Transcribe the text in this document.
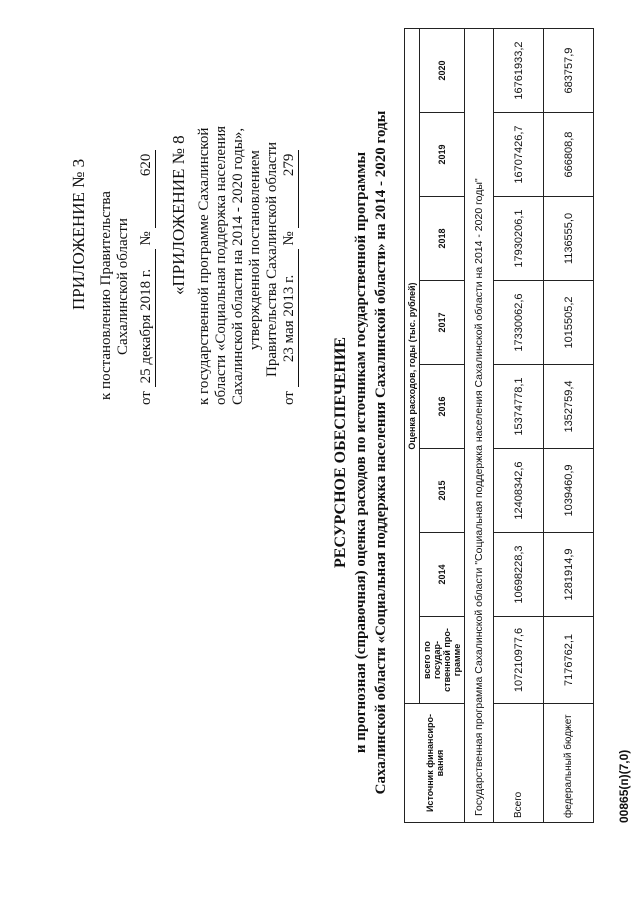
ПРИЛОЖЕНИЕ № 3 к постановлению Правительства Сахалинской области
от 25 декабря 2018 г. № 620 «ПРИЛОЖЕНИЕ № 8 к государственной программе Сахалинской области «Социальная поддержка населения Сахалинской области на 2014 - 2020 годы», утвержденной постановлением Правительства Сахалинской области
от 23 мая 2013 г. № 279
РЕСУРСНОЕ ОБЕСПЕЧЕНИЕ и прогнозная (справочная) оценка расходов по источникам государственной программы Сахалинской области «Социальная поддержка населения Сахалинской области» на 2014 - 2020 годы	Источник финансиро-вания	Оценка расходов, годы (тыс. рублей)							
	всего по государ-ственной про-грамме	2014	2015	2016	2017	2018	2019	2020
Государственная программа Сахалинской области "Социальная поддержка населения Сахалинской области на 2014 - 2020 годы"								
Всего	107210977,6	10698228,3	12408342,6	15374778,1	17330062,6	17930206,1	16707426,7	16761933,2
федеральный бюджет	7176762,1	1281914,9	1039460,9	1352759,4	1015505,2	1136555,0	666808,8	683757,9
00865(п)(7,0)
